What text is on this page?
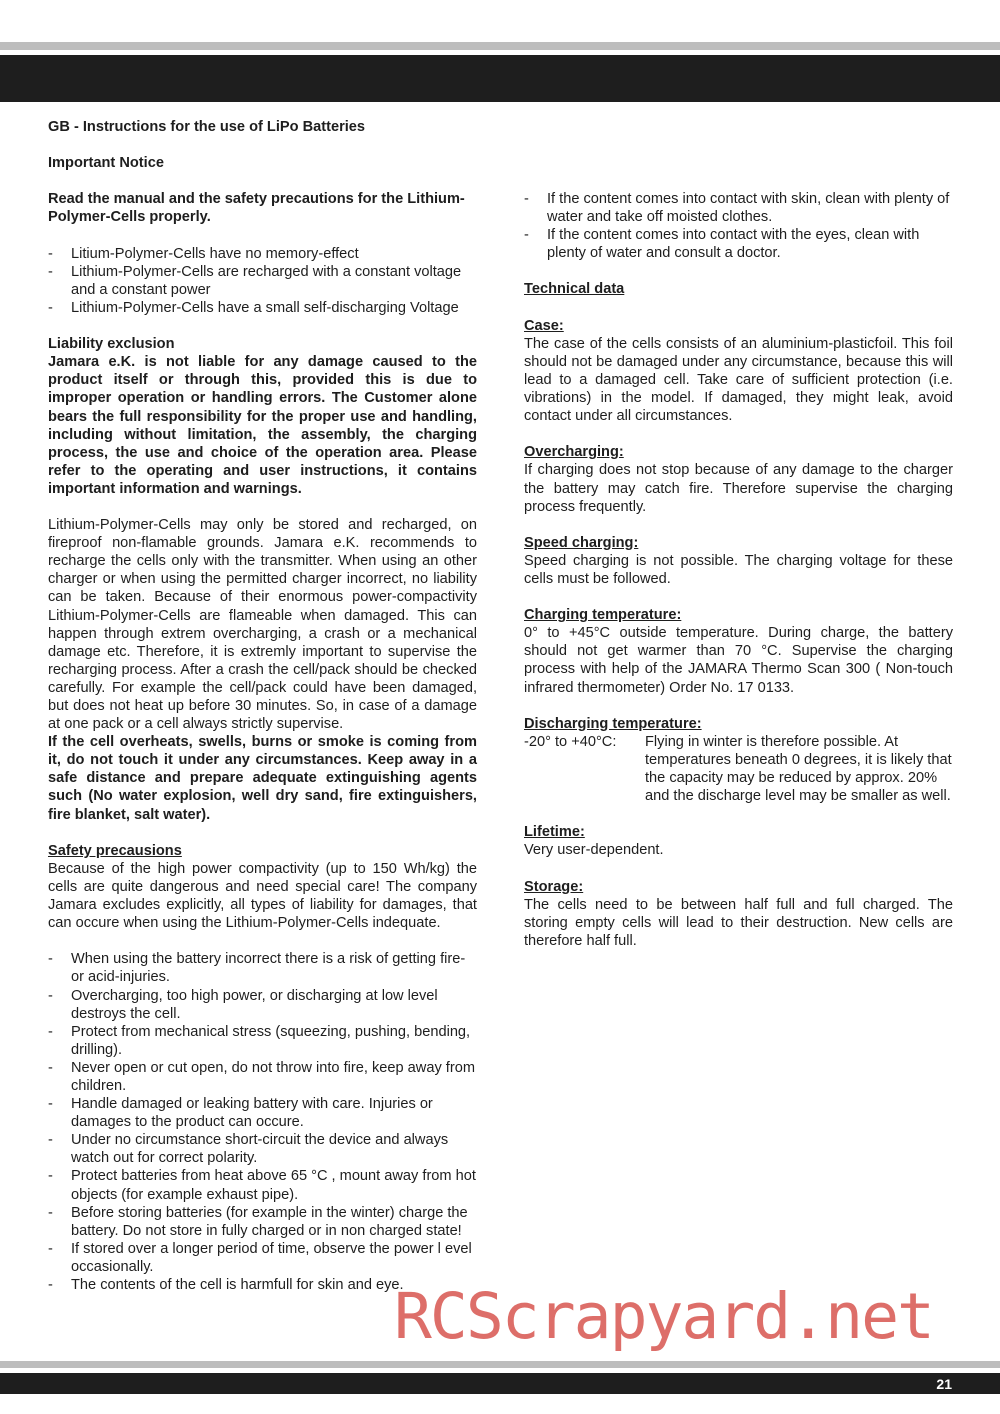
GB - Instructions for the use of LiPo Batteries

Important Notice

Read the manual and the safety precautions for the Lithium-Polymer-Cells properly.

- Litium-Polymer-Cells have no memory-effect
- Lithium-Polymer-Cells are recharged with a constant voltage and a constant power
- Lithium-Polymer-Cells have a small self-discharging Voltage

Liability exclusion

Jamara e.K. is not liable for any damage caused to the product itself or through this, provided this is due to improper operation or handling errors. The Customer alone bears the full responsibility for the proper use and handling, including without limitation, the assembly, the charging process, the use and choice of the operation area. Please refer to the operating and user instructions, it contains important information and warnings.

Lithium-Polymer-Cells may only be stored and recharged, on fireproof non-flamable grounds. Jamara e.K. recommends to recharge the cells only with the transmitter. When using an other charger or when using the permitted charger incorrect, no liability can be taken. Because of their enormous power-compactivity Lithium-Polymer-Cells are flameable when damaged. This can happen through extrem overcharging, a crash or a mechanical damage etc. Therefore, it is extremly important to supervise the recharging process. After a crash the cell/pack should be checked carefully. For example the cell/pack could have been damaged, but does not heat up before 30 minutes. So, in case of a damage at one pack or a cell always strictly supervise.

If the cell overheats, swells, burns or smoke is coming from it, do not touch it under any circumstances. Keep away in a safe distance and prepare adequate extinguishing agents such (No water explosion, well dry sand, fire extinguishers, fire blanket, salt water).

Safety precausions

Because of the high power compactivity (up to 150 Wh/kg) the cells are quite dangerous and need special care! The company Jamara excludes explicitly, all types of liability for damages, that can occure when using the Lithium-Polymer-Cells indequate.

- When using the battery incorrect there is a risk of getting fire- or acid-injuries.
- Overcharging, too high power, or discharging at low level destroys the cell.
- Protect from mechanical stress (squeezing, pushing, bending, drilling).
- Never open or cut open, do not throw into fire, keep away from children.
- Handle damaged or leaking battery with care. Injuries or damages to the product can occure.
- Under no circumstance short-circuit the device and always watch out for correct polarity.
- Protect batteries from heat above 65 °C , mount away from hot objects (for example exhaust pipe).
- Before storing batteries (for example in the winter) charge the battery. Do not store in fully charged or in non charged state!
- If stored over a longer period of time, observe the power l evel occasionally.
- The contents of the cell is harmfull for skin and eye.
- If the content comes into contact with skin, clean with plenty of water and take off moisted clothes.
- If the content comes into contact with the eyes, clean with plenty of water and consult a doctor.

Technical data

Case:

The case of the cells consists of an aluminium-plasticfoil. This foil should not be damaged under any circumstance, because this will lead to a damaged cell. Take care of sufficient protection (i.e. vibrations) in the model. If damaged, they might leak, avoid contact under all circumstances.

Overcharging:

If charging does not stop because of any damage to the charger the battery may catch fire. Therefore supervise the charging process frequently.

Speed charging:

Speed charging is not possible. The charging voltage for these cells must be followed.

Charging temperature:

0° to +45°C outside temperature. During charge, the battery should not get warmer than 70 °C. Supervise the charging process with help of the JAMARA Thermo Scan 300 ( Non-touch infrared thermometer) Order No. 17 0133.

Discharging temperature:

-20° to +40°C:	Flying in winter is therefore possible. At temperatures beneath 0 degrees, it is likely that the capacity may be reduced by approx. 20% and the discharge level may be smaller as well.

Lifetime:

Very user-dependent.

Storage:

The cells need to be between half full and full charged. The storing empty cells will lead to their destruction. New cells are therefore half full.

RCScrapyard.net
21
